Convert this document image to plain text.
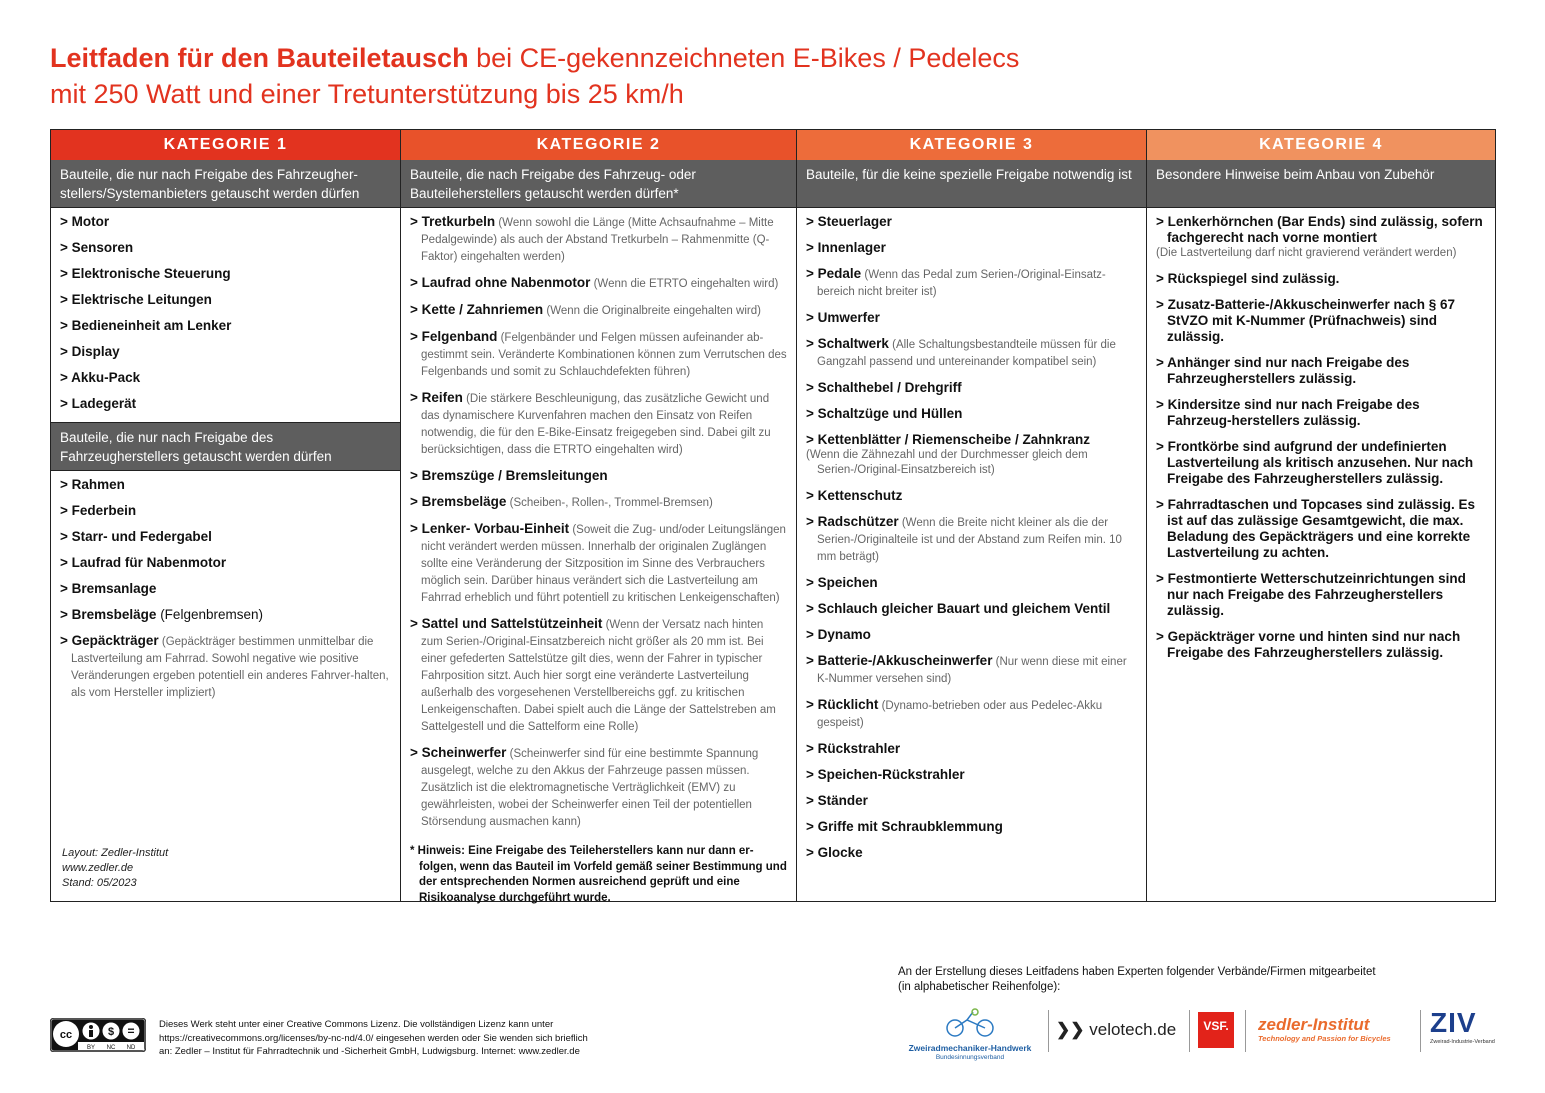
Leitfaden für den Bauteiletausch bei CE-gekennzeichneten E-Bikes / Pedelecs
mit 250 Watt und einer Tretunterstützung bis 25 km/h
KATEGORIE 1
Bauteile, die nur nach Freigabe des Fahrzeugher-stellers/Systemanbieters getauscht werden dürfen
> Motor
> Sensoren
> Elektronische Steuerung
> Elektrische Leitungen
> Bedieneinheit am Lenker
> Display
> Akku-Pack
> Ladegerät
Bauteile, die nur nach Freigabe des Fahrzeugherstellers getauscht werden dürfen
> Rahmen
> Federbein
> Starr- und Federgabel
> Laufrad für Nabenmotor
> Bremsanlage
> Bremsbeläge (Felgenbremsen)
> Gepäckträger (Gepäckträger bestimmen unmittelbar die Lastverteilung am Fahrrad. Sowohl negative wie positive Veränderungen ergeben potentiell ein anderes Fahrver-halten, als vom Hersteller impliziert)
Layout: Zedler-Institut
www.zedler.de
Stand: 05/2023
KATEGORIE 2
Bauteile, die nach Freigabe des Fahrzeug- oder Bauteileherstellers getauscht werden dürfen*
> Tretkurbeln (Wenn sowohl die Länge (Mitte Achsaufnahme – Mitte Pedalgewinde) als auch der Abstand Tretkurbeln – Rahmenmitte (Q-Faktor) eingehalten werden)
> Laufrad ohne Nabenmotor (Wenn die ETRTO eingehalten wird)
> Kette / Zahnriemen (Wenn die Originalbreite eingehalten wird)
> Felgenband (Felgenbänder und Felgen müssen aufeinander ab-gestimmt sein. Veränderte Kombinationen können zum Verrutschen des Felgenbands und somit zu Schlauchdefekten führen)
> Reifen (Die stärkere Beschleunigung, das zusätzliche Gewicht und das dynamischere Kurvenfahren machen den Einsatz von Reifen notwendig, die für den E-Bike-Einsatz freigegeben sind. Dabei gilt zu berücksichtigen, dass die ETRTO eingehalten wird)
> Bremszüge / Bremsleitungen
> Bremsbeläge (Scheiben-, Rollen-, Trommel-Bremsen)
> Lenker- Vorbau-Einheit (Soweit die Zug- und/oder Leitungslängen nicht verändert werden müssen. Innerhalb der originalen Zuglängen sollte eine Veränderung der Sitzposition im Sinne des Verbrauchers möglich sein. Darüber hinaus verändert sich die Lastverteilung am Fahrrad erheblich und führt potentiell zu kritischen Lenkeigenschaften)
> Sattel und Sattelstützeinheit (Wenn der Versatz nach hinten zum Serien-/Original-Einsatzbereich nicht größer als 20 mm ist. Bei einer gefederten Sattelstütze gilt dies, wenn der Fahrer in typischer Fahrposition sitzt. Auch hier sorgt eine veränderte Lastverteilung außerhalb des vorgesehenen Verstellbereichs ggf. zu kritischen Lenkeigenschaften. Dabei spielt auch die Länge der Sattelstreben am Sattelgestell und die Sattelform eine Rolle)
> Scheinwerfer (Scheinwerfer sind für eine bestimmte Spannung ausgelegt, welche zu den Akkus der Fahrzeuge passen müssen. Zusätzlich ist die elektromagnetische Verträglichkeit (EMV) zu gewährleisten, wobei der Scheinwerfer einen Teil der potentiellen Störsendung ausmachen kann)
* Hinweis: Eine Freigabe des Teileherstellers kann nur dann er-folgen, wenn das Bauteil im Vorfeld gemäß seiner Bestimmung und der entsprechenden Normen ausreichend geprüft und eine Risikoanalyse durchgeführt wurde.
KATEGORIE 3
Bauteile, für die keine spezielle Freigabe notwendig ist
> Steuerlager
> Innenlager
> Pedale (Wenn das Pedal zum Serien-/Original-Einsatz-bereich nicht breiter ist)
> Umwerfer
> Schaltwerk (Alle Schaltungsbestandteile müssen für die Gangzahl passend und untereinander kompatibel sein)
> Schalthebel / Drehgriff
> Schaltzüge und Hüllen
> Kettenblätter / Riemenscheibe / Zahnkranz
(Wenn die Zähnezahl und der Durchmesser gleich dem Serien-/Original-Einsatzbereich ist)
> Kettenschutz
> Radschützer (Wenn die Breite nicht kleiner als die der Serien-/Originalteile ist und der Abstand zum Reifen min. 10 mm beträgt)
> Speichen
> Schlauch gleicher Bauart und gleichem Ventil
> Dynamo
> Batterie-/Akkuscheinwerfer (Nur wenn diese mit einer K-Nummer versehen sind)
> Rücklicht (Dynamo-betrieben oder aus Pedelec-Akku gespeist)
> Rückstrahler
> Speichen-Rückstrahler
> Ständer
> Griffe mit Schraubklemmung
> Glocke
KATEGORIE 4
Besondere Hinweise beim Anbau von Zubehör
> Lenkerhörnchen (Bar Ends) sind zulässig, sofern fachgerecht nach vorne montiert
(Die Lastverteilung darf nicht gravierend verändert werden)
> Rückspiegel sind zulässig.
> Zusatz-Batterie-/Akkuscheinwerfer nach § 67 StVZO mit K-Nummer (Prüfnachweis) sind zulässig.
> Anhänger sind nur nach Freigabe des Fahrzeugherstellers zulässig.
> Kindersitze sind nur nach Freigabe des Fahrzeug-herstellers zulässig.
> Frontkörbe sind aufgrund der undefinierten Lastverteilung als kritisch anzusehen. Nur nach Freigabe des Fahrzeugherstellers zulässig.
> Fahrradtaschen und Topcases sind zulässig. Es ist auf das zulässige Gesamtgewicht, die max. Beladung des Gepäckträgers und eine korrekte Lastverteilung zu achten.
> Festmontierte Wetterschutzeinrichtungen sind nur nach Freigabe des Fahrzeugherstellers zulässig.
> Gepäckträger vorne und hinten sind nur nach Freigabe des Fahrzeugherstellers zulässig.
An der Erstellung dieses Leitfadens haben Experten folgender Verbände/Firmen mitgearbeitet
(in alphabetischer Reihenfolge):
cc	$ =
BY NC ND
Dieses Werk steht unter einer Creative Commons Lizenz. Die vollständigen Lizenz kann unter
https://creativecommons.org/licenses/by-nc-nd/4.0/ eingesehen werden oder Sie wenden sich brieflich
an: Zedler – Institut für Fahrradtechnik und -Sicherheit GmbH, Ludwigsburg. Internet: www.zedler.de	Zweiradmechaniker-Handwerk
Bundesinnungsverband
❯❯ velotech.de	VSF.	zedler-Institut
Technology and Passion for Bicycles
ZIV
Zweirad-Industrie-Verband
